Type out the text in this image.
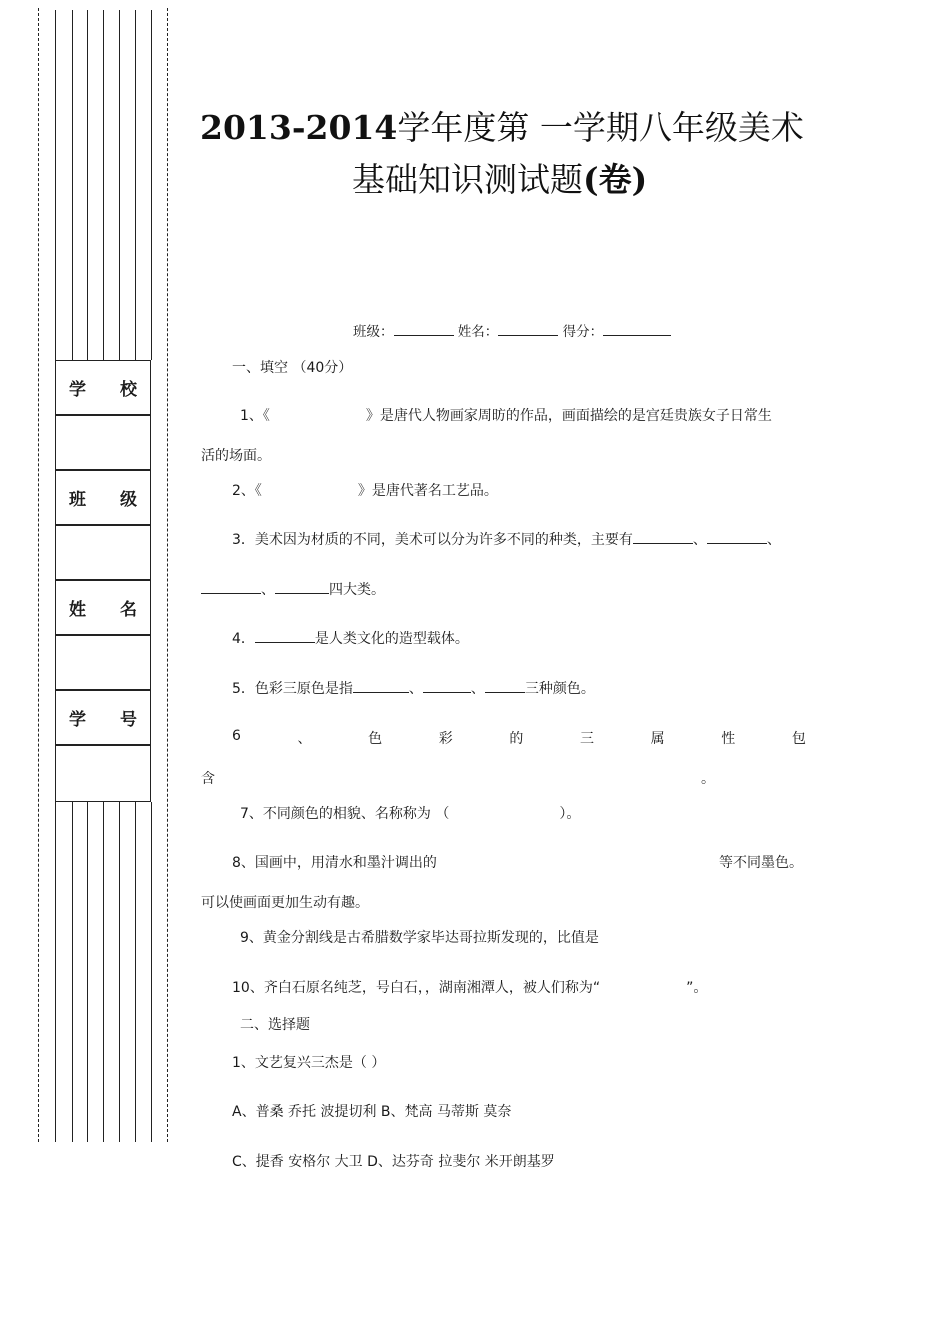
学 校
班 级
姓 名
学 号
2013-2014学年度第 一学期八年级美术
基础知识测试题(卷)
班级：	姓名：	得分：
一、填空 （40分）
1、《	》是唐代人物画家周昉的作品，画面描绘的是宫廷贵族女子日常生
活的场面。
2、《	》是唐代著名工艺品。
3．美术因为材质的不同，美术可以分为许多不同的种类，主要有	、	、
、	四大类。
4．	是人类文化的造型载体。
5．色彩三原色是指	、	、	三种颜色。
6	、	色	彩	的	三	属	性	包
含	。
7、不同颜色的相貌、名称称为 （	）。
8、国画中，用清水和墨汁调出的	等不同墨色。
可以使画面更加生动有趣。
9、黄金分割线是古希腊数学家毕达哥拉斯发现的，比值是
10、齐白石原名纯芝，号白石，，湖南湘潭人，被人们称为“	”。
二、选择题
1、文艺复兴三杰是（ ）
A、普桑 乔托 波提切利 B、梵高 马蒂斯 莫奈
C、提香 安格尔 大卫 D、达芬奇 拉斐尔 米开朗基罗
